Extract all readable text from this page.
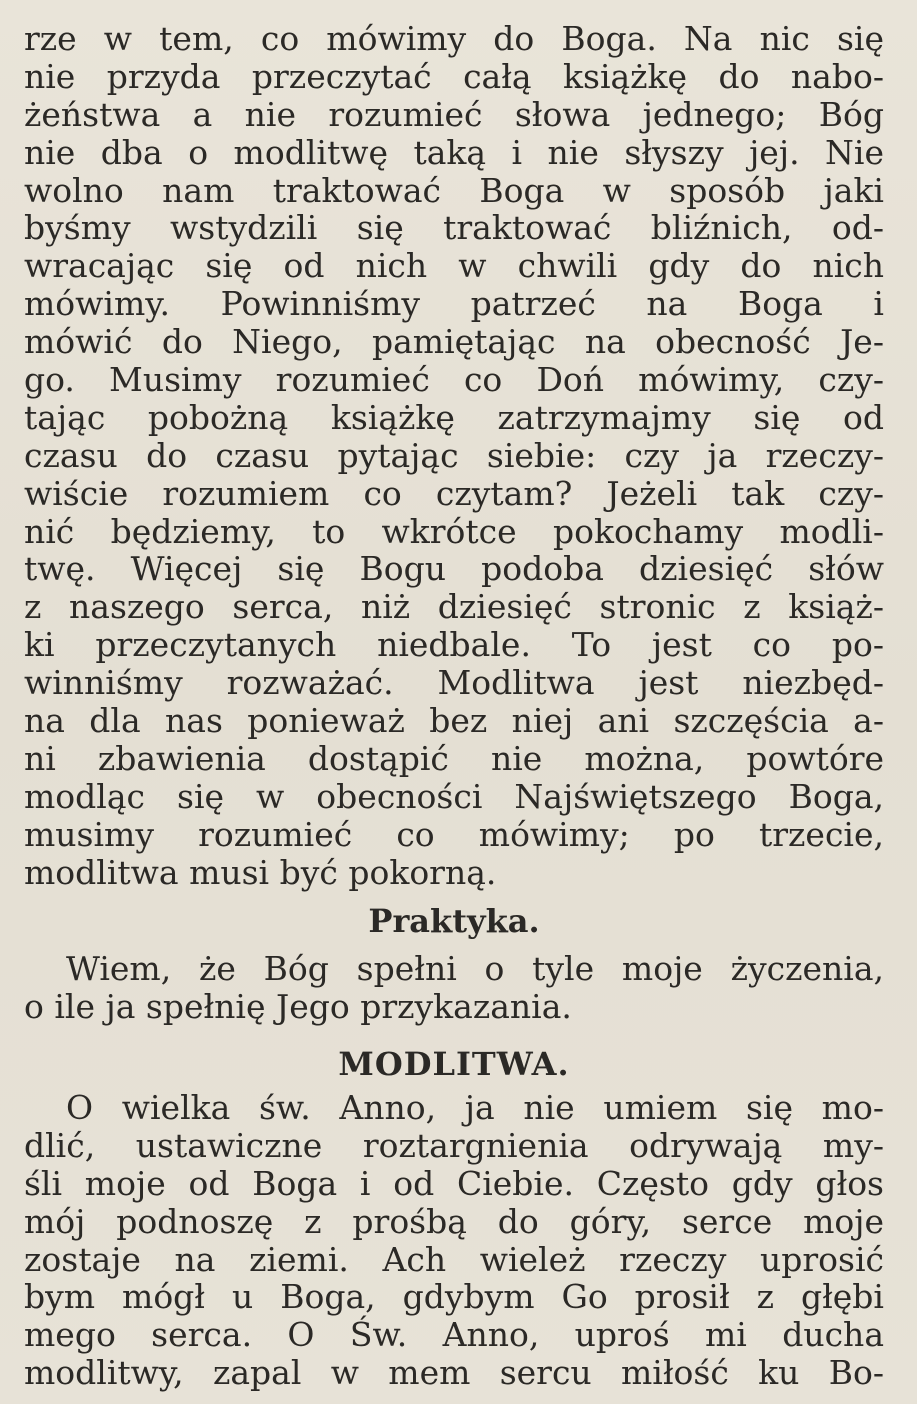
rze w tem, co mówimy do Boga. Na nic się
nie przyda przeczytać całą książkę do nabo-
żeństwa a nie rozumieć słowa jednego; Bóg
nie dba o modlitwę taką i nie słyszy jej. Nie
wolno nam traktować Boga w sposób jaki
byśmy wstydzili się traktować bliźnich, od-
wracając się od nich w chwili gdy do nich
mówimy. Powinniśmy patrzeć na Boga i
mówić do Niego, pamiętając na obecność Je-
go. Musimy rozumieć co Doń mówimy, czy-
tając pobożną książkę zatrzymajmy się od
czasu do czasu pytając siebie: czy ja rzeczy-
wiście rozumiem co czytam? Jeżeli tak czy-
nić będziemy, to wkrótce pokochamy modli-
twę. Więcej się Bogu podoba dziesięć słów
z naszego serca, niż dziesięć stronic z książ-
ki przeczytanych niedbale. To jest co po-
winniśmy rozważać. Modlitwa jest niezbęd-
na dla nas ponieważ bez niej ani szczęścia a-
ni zbawienia dostąpić nie można, powtóre
modląc się w obecności Najświętszego Boga,
musimy rozumieć co mówimy; po trzecie,
modlitwa musi być pokorną.
Praktyka.
Wiem, że Bóg spełni o tyle moje życzenia,
o ile ja spełnię Jego przykazania.
MODLITWA.
O wielka św. Anno, ja nie umiem się mo-
dlić, ustawiczne roztargnienia odrywają my-
śli moje od Boga i od Ciebie. Często gdy głos
mój podnoszę z prośbą do góry, serce moje
zostaje na ziemi. Ach wieleż rzeczy uprosić
bym mógł u Boga, gdybym Go prosił z głębi
mego serca. O Św. Anno, uproś mi ducha
modlitwy, zapal w mem sercu miłość ku Bo-
